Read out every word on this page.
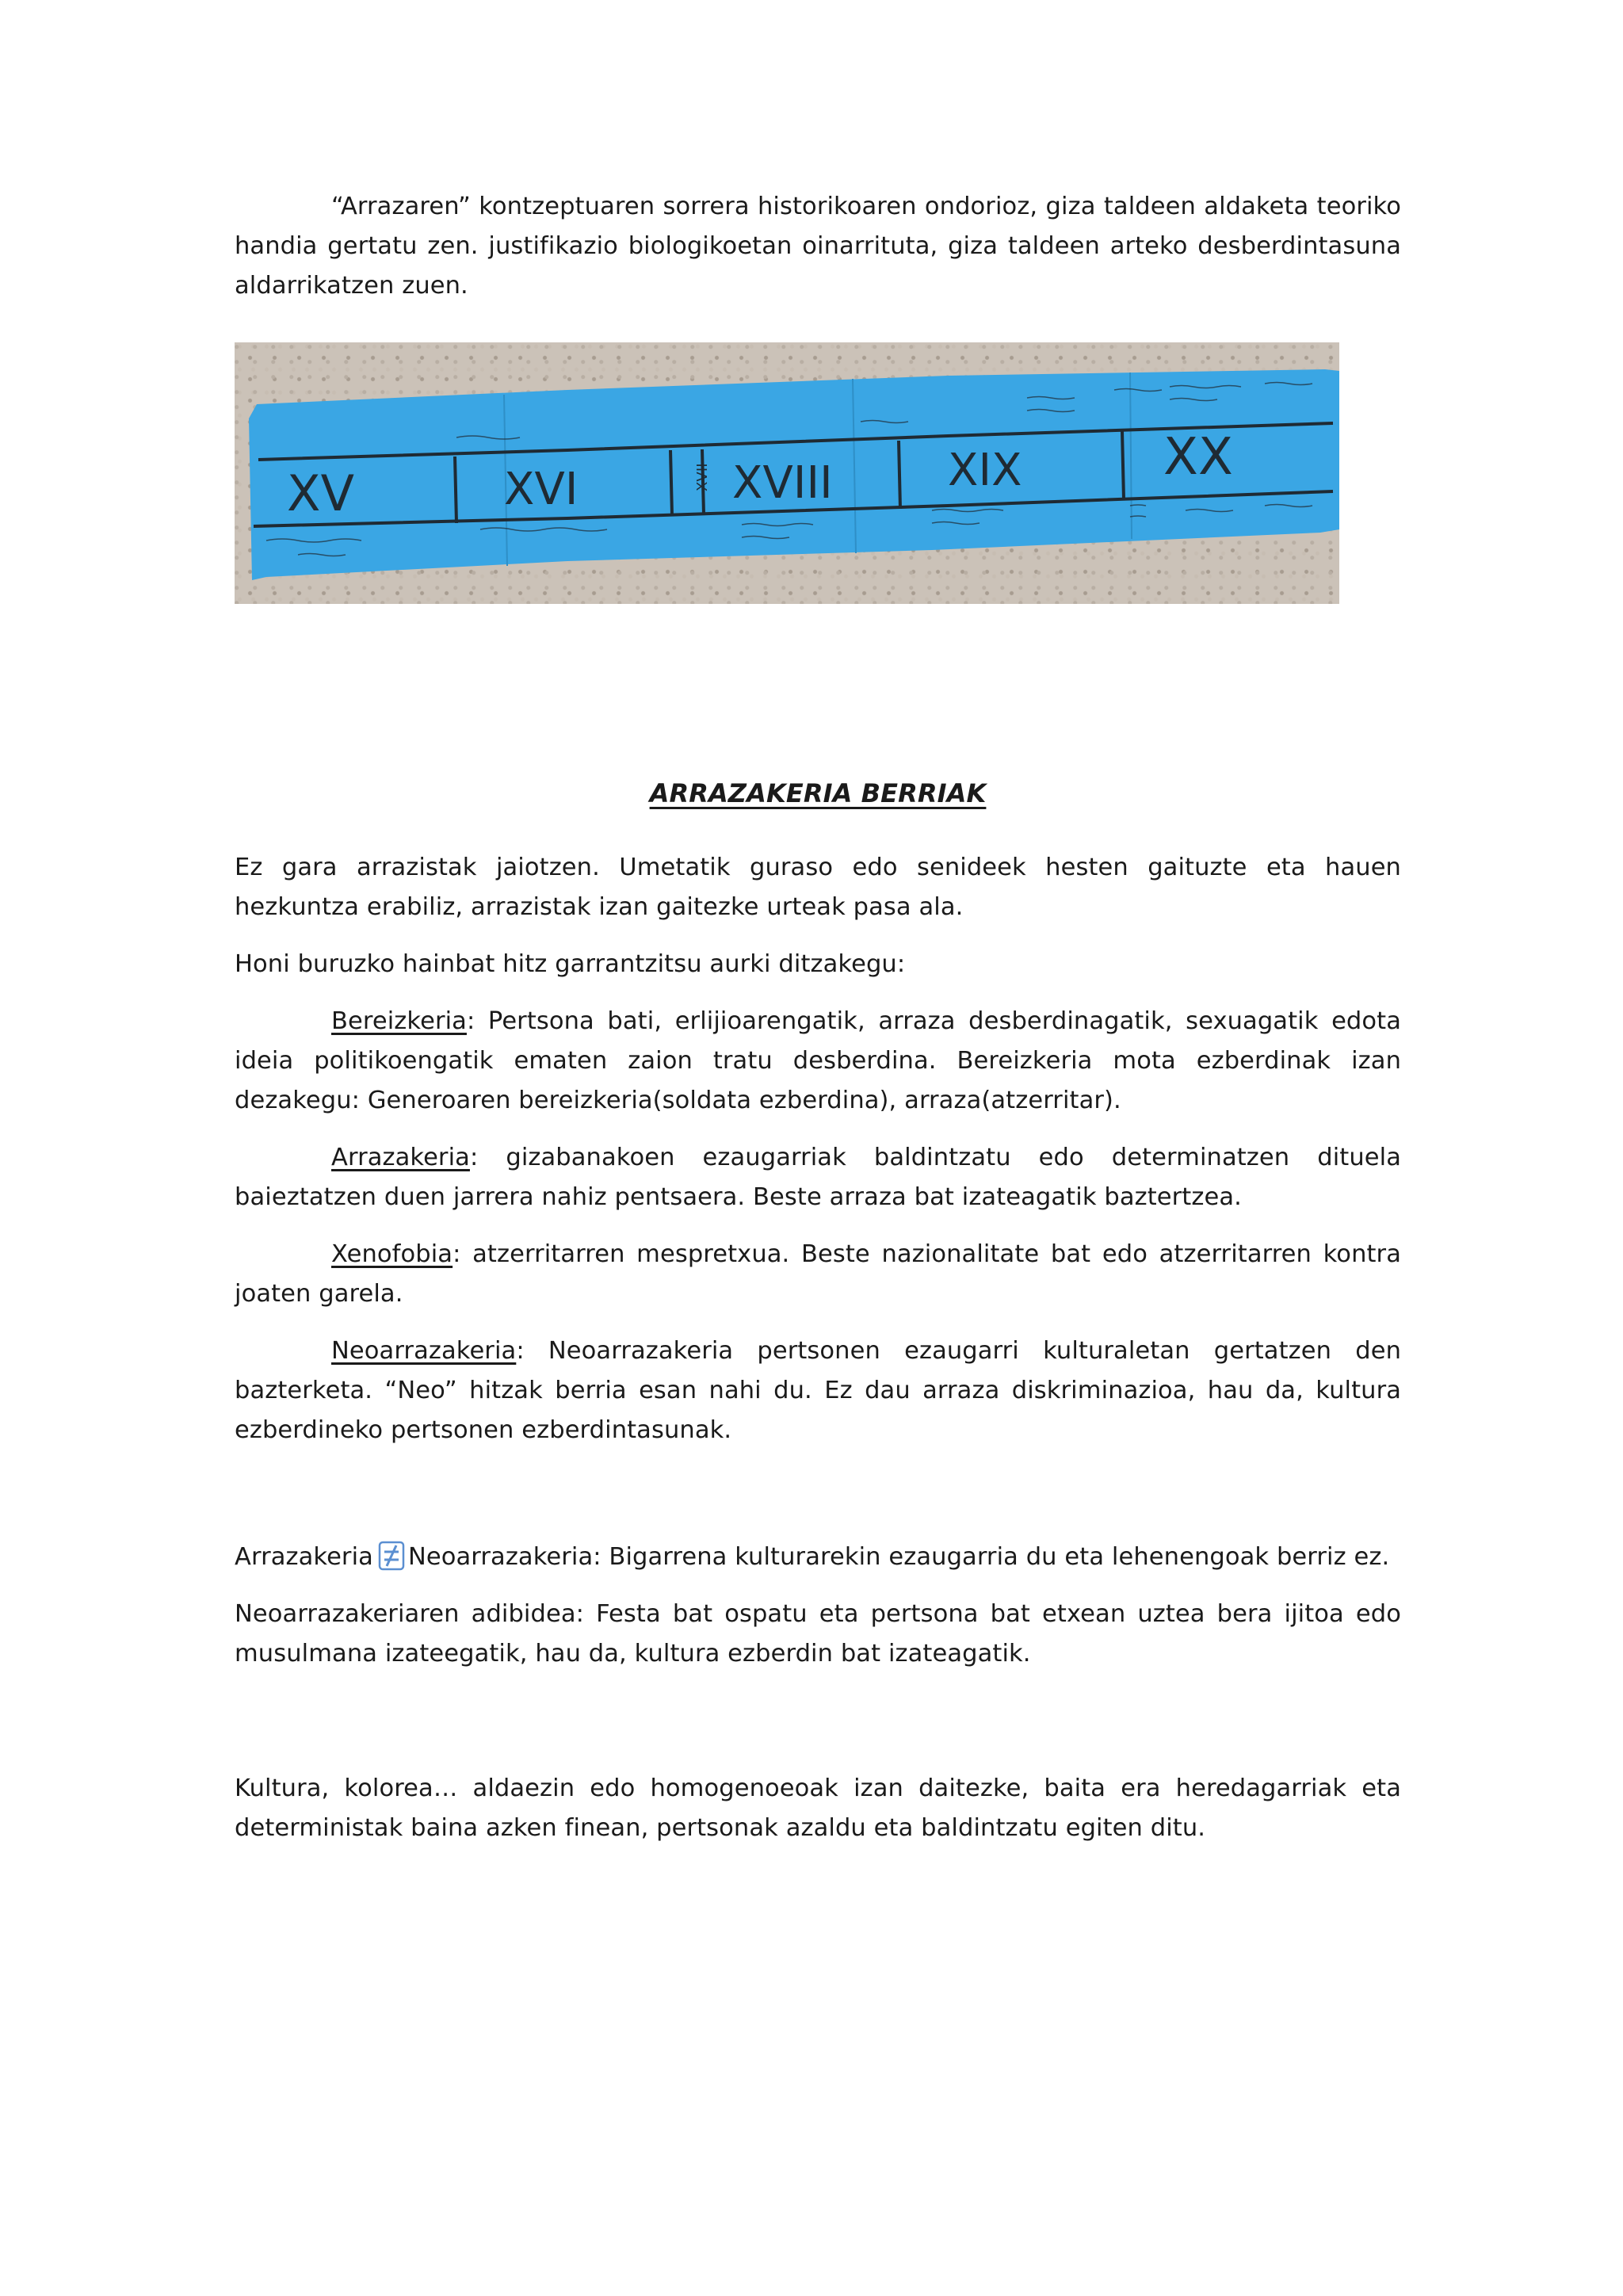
“Arrazaren” kontzeptuaren sorrera historikoaren ondorioz, giza taldeen aldaketa teoriko handia gertatu zen. justifikazio biologikoetan oinarrituta, giza taldeen arteko desberdintasuna aldarrikatzen zuen.

XV	XVI	XVII XVIII	XIX	XX
ARRAZAKERIA BERRIAK

Ez gara arrazistak jaiotzen. Umetatik guraso edo senideek hesten gaituzte eta hauen hezkuntza erabiliz, arrazistak izan gaitezke urteak pasa ala.

Honi buruzko hainbat hitz garrantzitsu aurki ditzakegu:

Bereizkeria: Pertsona bati, erlijioarengatik, arraza desberdinagatik, sexuagatik edota ideia politikoengatik ematen zaion tratu desberdina. Bereizkeria mota ezberdinak izan dezakegu: Generoaren bereizkeria(soldata ezberdina), arraza(atzerritar).

Arrazakeria: gizabanakoen ezaugarriak baldintzatu edo determinatzen dituela baieztatzen duen jarrera nahiz pentsaera. Beste arraza bat izateagatik baztertzea.

Xenofobia: atzerritarren mespretxua. Beste nazionalitate bat edo atzerritarren kontra joaten garela.

Neoarrazakeria: Neoarrazakeria pertsonen ezaugarri kulturaletan gertatzen den bazterketa. “Neo” hitzak berria esan nahi du. Ez dau arraza diskriminazioa, hau da, kultura ezberdineko pertsonen ezberdintasunak.

Arrazakeria Neoarrazakeria: Bigarrena kulturarekin ezaugarria du eta lehenengoak berriz ez.

Neoarrazakeriaren adibidea: Festa bat ospatu eta pertsona bat etxean uztea bera ijitoa edo musulmana izateegatik, hau da, kultura ezberdin bat izateagatik.

Kultura, kolorea… aldaezin edo homogenoeoak izan daitezke, baita era heredagarriak eta deterministak baina azken finean, pertsonak azaldu eta baldintzatu egiten ditu.
